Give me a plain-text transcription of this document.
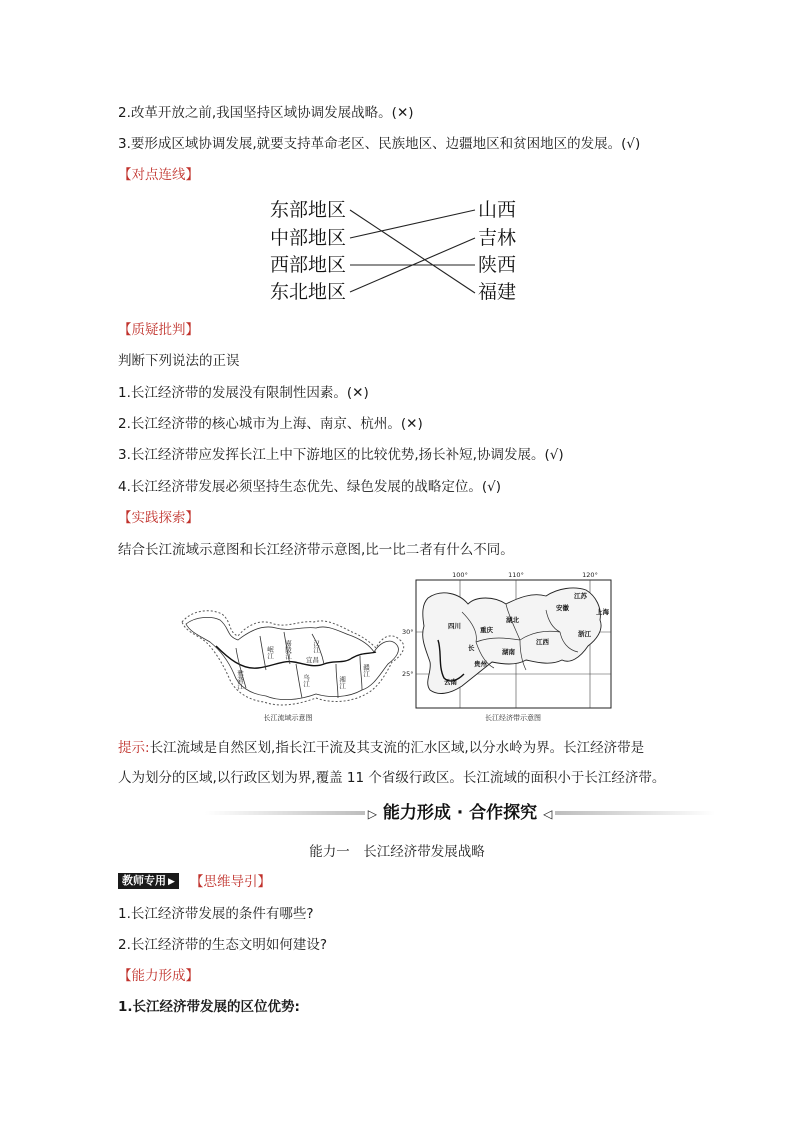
2.改革开放之前,我国坚持区域协调发展战略。(✕)
3.要形成区域协调发展,就要支持革命老区、民族地区、边疆地区和贫困地区的发展。(√)
【对点连线】
东部地区
中部地区
西部地区
东北地区
山西
吉林
陕西
福建
【质疑批判】
判断下列说法的正误
1.长江经济带的发展没有限制性因素。(✕)
2.长江经济带的核心城市为上海、南京、杭州。(✕)
3.长江经济带应发挥长江上中下游地区的比较优势,扬长补短,协调发展。(√)
4.长江经济带发展必须坚持生态优先、绿色发展的战略定位。(√)
【实践探索】
结合长江流域示意图和长江经济带示意图,比一比二者有什么不同。
雅砻江
岷江 嘉陵江
乌江
汉江
宜昌
湘江
赣江
长江流域示意图
四川	重庆
湖北
湖南
江西
安徽
江苏
上海
浙江
贵州
云南
长
100°	110°	120°
30°
25°
长江经济带示意图
提示:长江流域是自然区划,指长江干流及其支流的汇水区域,以分水岭为界。长江经济带是
人为划分的区域,以行政区划为界,覆盖 11 个省级行政区。长江流域的面积小于长江经济带。
▷ 能力形成 · 合作探究 ◁
能力一　长江经济带发展战略
教师专用 ▶ 【思维导引】
1.长江经济带发展的条件有哪些?
2.长江经济带的生态文明如何建设?
【能力形成】
1.长江经济带发展的区位优势:
